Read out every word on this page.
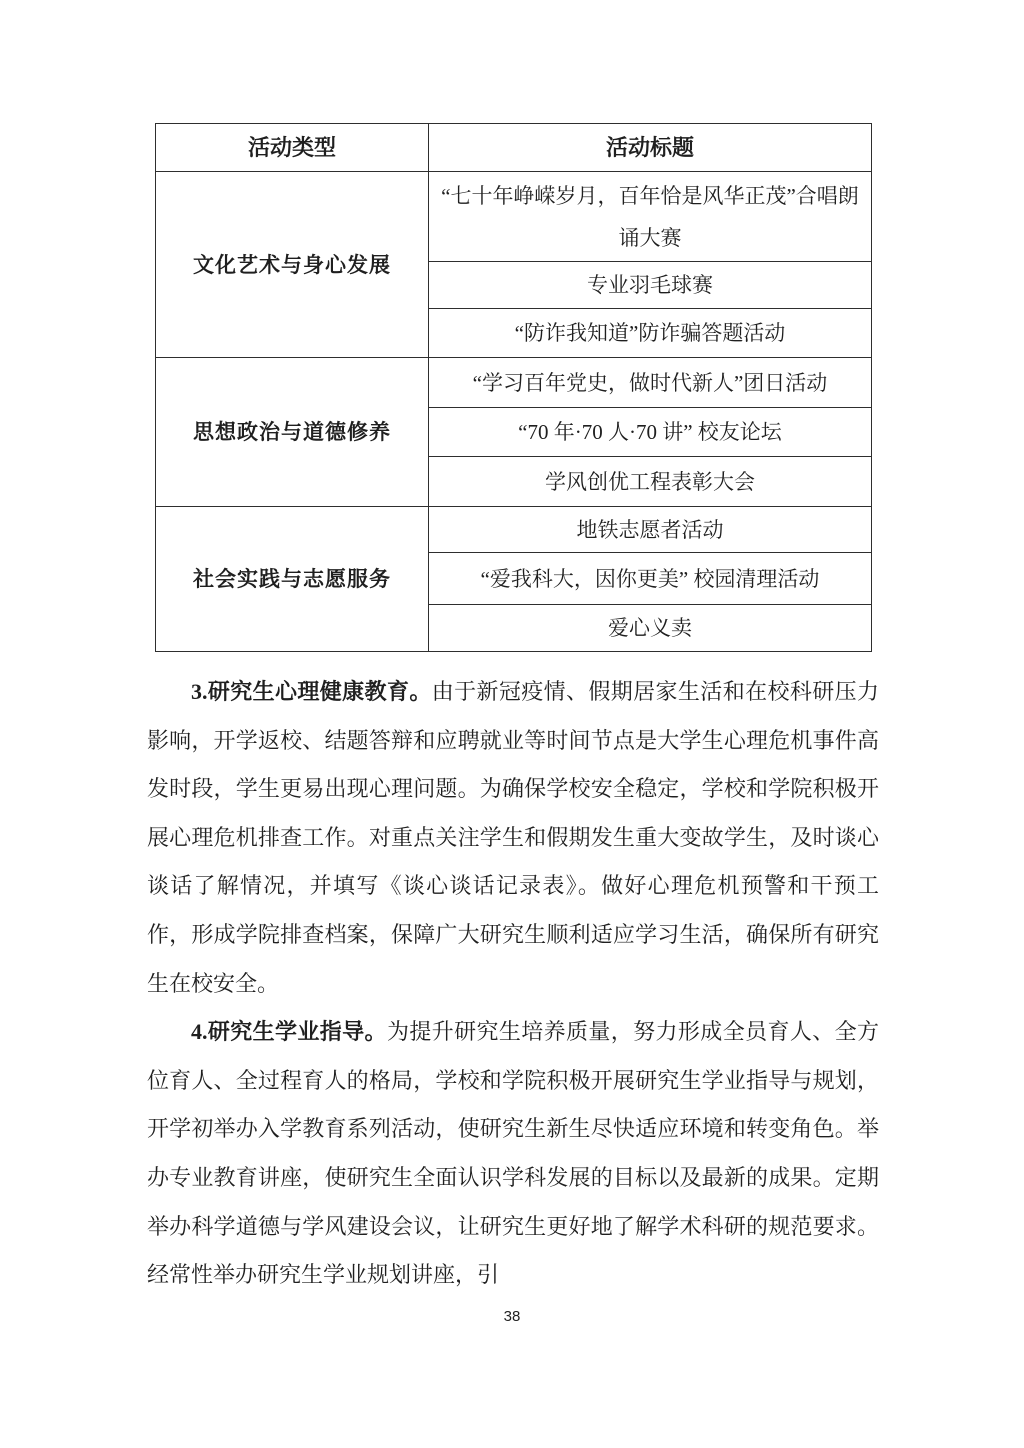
活动类型	活动标题
文化艺术与身心发展	“七十年峥嵘岁月，百年恰是风华正茂”合唱朗诵大赛
	专业羽毛球赛
	“防诈我知道”防诈骗答题活动
思想政治与道德修养	“学习百年党史，做时代新人”团日活动
	“70 年·70 人·70 讲” 校友论坛
	学风创优工程表彰大会
社会实践与志愿服务	地铁志愿者活动
	“爱我科大，因你更美” 校园清理活动
	爱心义卖

3.研究生心理健康教育。由于新冠疫情、假期居家生活和在校科研压力影响，开学返校、结题答辩和应聘就业等时间节点是大学生心理危机事件高发时段，学生更易出现心理问题。为确保学校安全稳定，学校和学院积极开展心理危机排查工作。对重点关注学生和假期发生重大变故学生，及时谈心谈话了解情况，并填写《谈心谈话记录表》。做好心理危机预警和干预工作，形成学院排查档案，保障广大研究生顺利适应学习生活，确保所有研究生在校安全。

4.研究生学业指导。为提升研究生培养质量，努力形成全员育人、全方位育人、全过程育人的格局，学校和学院积极开展研究生学业指导与规划，开学初举办入学教育系列活动，使研究生新生尽快适应环境和转变角色。举办专业教育讲座，使研究生全面认识学科发展的目标以及最新的成果。定期举办科学道德与学风建设会议，让研究生更好地了解学术科研的规范要求。经常性举办研究生学业规划讲座，引

38
